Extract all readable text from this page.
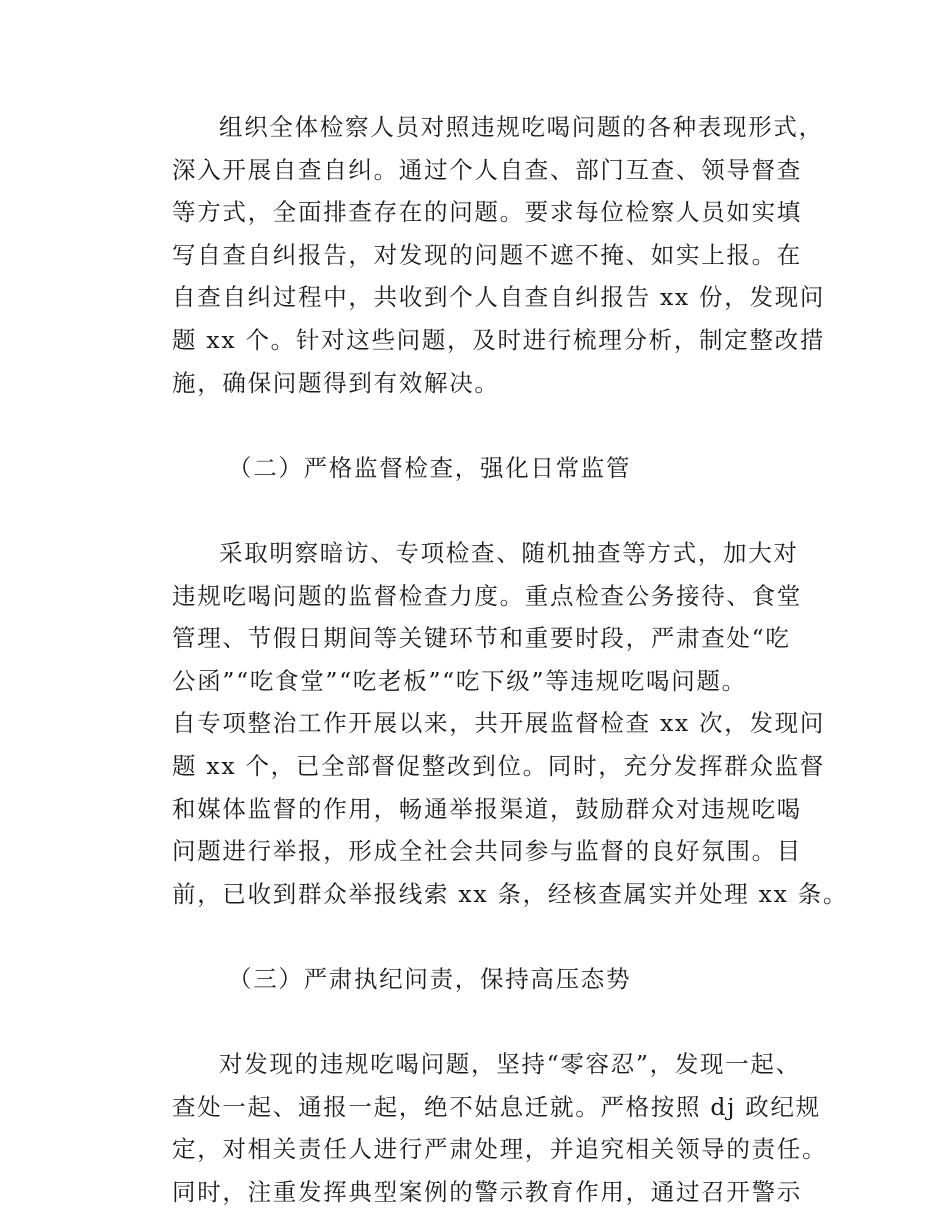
组织全体检察人员对照违规吃喝问题的各种表现形式，
深入开展自查自纠。通过个人自查、部门互查、领导督查
等方式，全面排查存在的问题。要求每位检察人员如实填
写自查自纠报告，对发现的问题不遮不掩、如实上报。在
自查自纠过程中，共收到个人自查自纠报告 xx 份，发现问
题 xx 个。针对这些问题，及时进行梳理分析，制定整改措
施，确保问题得到有效解决。

（二）严格监督检查，强化日常监管

采取明察暗访、专项检查、随机抽查等方式，加大对
违规吃喝问题的监督检查力度。重点检查公务接待、食堂
管理、节假日期间等关键环节和重要时段，严肃查处“吃
公函”“吃食堂”“吃老板”“吃下级”等违规吃喝问题。
自专项整治工作开展以来，共开展监督检查 xx 次，发现问
题 xx 个，已全部督促整改到位。同时，充分发挥群众监督
和媒体监督的作用，畅通举报渠道，鼓励群众对违规吃喝
问题进行举报，形成全社会共同参与监督的良好氛围。目
前，已收到群众举报线索 xx 条，经核查属实并处理 xx 条。

（三）严肃执纪问责，保持高压态势

对发现的违规吃喝问题，坚持“零容忍”，发现一起、
查处一起、通报一起，绝不姑息迁就。严格按照 dj 政纪规
定，对相关责任人进行严肃处理，并追究相关领导的责任。
同时，注重发挥典型案例的警示教育作用，通过召开警示
